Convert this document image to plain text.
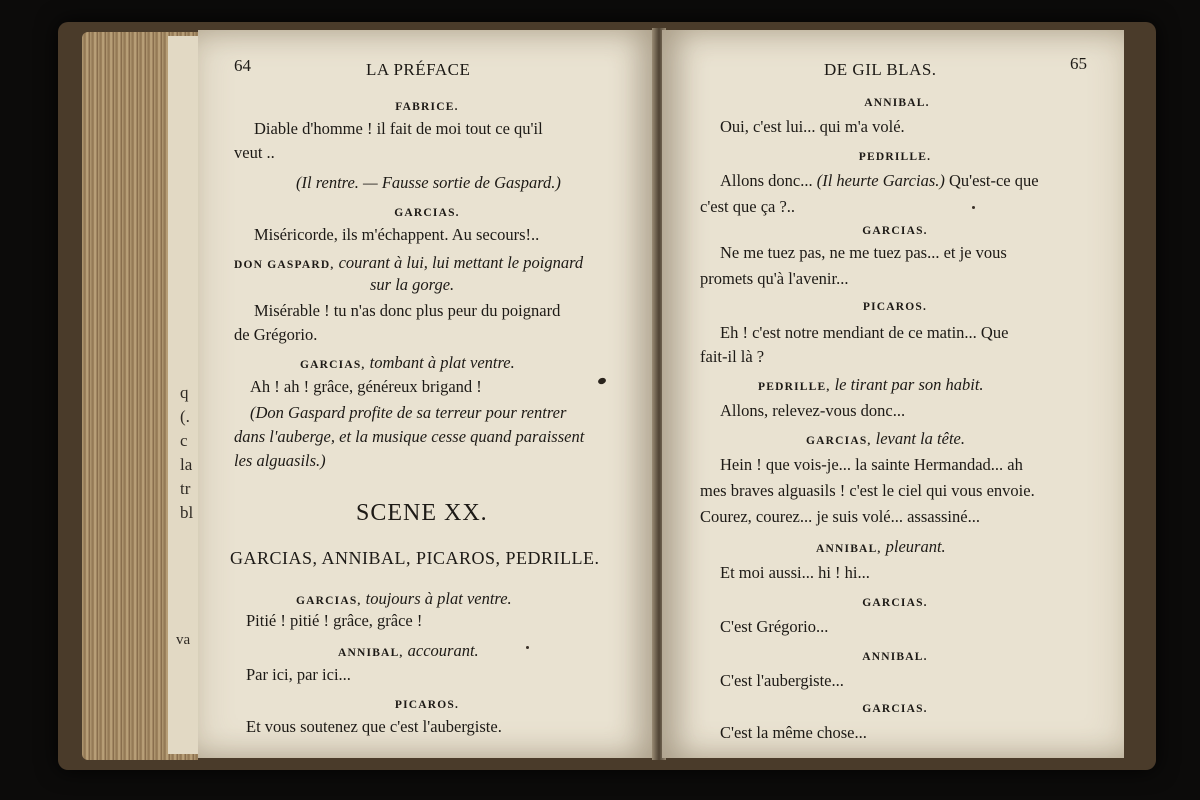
q
(.
c
la
tr
bl
va
64	LA PRÉFACE
FABRICE.
Diable d'homme ! il fait de moi tout ce qu'il
veut ..
(Il rentre. — Fausse sortie de Gaspard.)
GARCIAS.
Miséricorde, ils m'échappent. Au secours!..
DON GASPARD, courant à lui, lui mettant le poignard
sur la gorge.
Misérable ! tu n'as donc plus peur du poignard
de Grégorio.
GARCIAS, tombant à plat ventre.
Ah ! ah ! grâce, généreux brigand !
(Don Gaspard profite de sa terreur pour rentrer
dans l'auberge, et la musique cesse quand paraissent
les alguasils.)
SCENE XX.
GARCIAS, ANNIBAL, PICAROS, PEDRILLE.
GARCIAS, toujours à plat ventre.
Pitié ! pitié ! grâce, grâce !
ANNIBAL, accourant.
Par ici, par ici...
PICAROS.
Et vous soutenez que c'est l'aubergiste.
DE GIL BLAS.	65
ANNIBAL.
Oui, c'est lui... qui m'a volé.
PEDRILLE.
Allons donc... (Il heurte Garcias.) Qu'est-ce que
c'est que ça ?..
GARCIAS.
Ne me tuez pas, ne me tuez pas... et je vous
promets qu'à l'avenir...
PICAROS.
Eh ! c'est notre mendiant de ce matin... Que
fait-il là ?
PEDRILLE, le tirant par son habit.
Allons, relevez-vous donc...
GARCIAS, levant la tête.
Hein ! que vois-je... la sainte Hermandad... ah
mes braves alguasils ! c'est le ciel qui vous envoie.
Courez, courez... je suis volé... assassiné...
ANNIBAL, pleurant.
Et moi aussi... hi ! hi...
GARCIAS.
C'est Grégorio...
ANNIBAL.
C'est l'aubergiste...
GARCIAS.
C'est la même chose...
